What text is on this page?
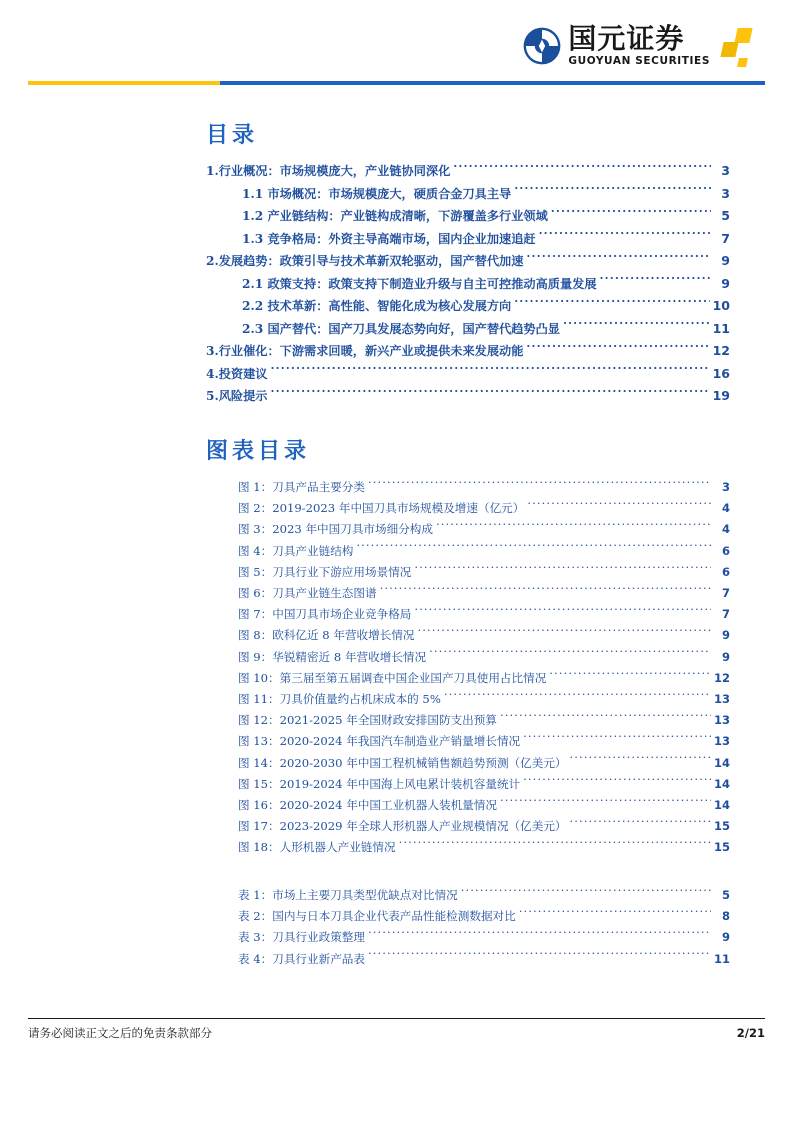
国元证券
GUOYUAN SECURITIES
目录
1.行业概况：市场规模庞大，产业链协同深化 .....	3
1.1 市场概况：市场规模庞大，硬质合金刀具主导 .....	3
1.2 产业链结构：产业链构成清晰，下游覆盖多行业领域 .....	5
1.3 竞争格局：外资主导高端市场，国内企业加速追赶 .....	7
2.发展趋势：政策引导与技术革新双轮驱动，国产替代加速 .....	9
2.1 政策支持：政策支持下制造业升级与自主可控推动高质量发展 .....	9
2.2 技术革新：高性能、智能化成为核心发展方向 .....	10
2.3 国产替代：国产刀具发展态势向好，国产替代趋势凸显 .....	11
3.行业催化：下游需求回暖，新兴产业或提供未来发展动能 .....	12
4.投资建议 .....	16
5.风险提示 .....	19
图表目录
图 1：刀具产品主要分类 .....	3
图 2：2019-2023 年中国刀具市场规模及增速（亿元） .....	4
图 3：2023 年中国刀具市场细分构成 .....	4
图 4：刀具产业链结构 .....	6
图 5：刀具行业下游应用场景情况 .....	6
图 6：刀具产业链生态图谱 .....	7
图 7：中国刀具市场企业竞争格局 .....	7
图 8：欧科亿近 8 年营收增长情况 .....	9
图 9：华锐精密近 8 年营收增长情况 .....	9
图 10：第三届至第五届调查中国企业国产刀具使用占比情况 .....	12
图 11：刀具价值量约占机床成本的 5% .....	13
图 12：2021-2025 年全国财政安排国防支出预算 .....	13
图 13：2020-2024 年我国汽车制造业产销量增长情况 .....	13
图 14：2020-2030 年中国工程机械销售额趋势预测（亿美元） .....	14
图 15：2019-2024 年中国海上风电累计装机容量统计 .....	14
图 16：2020-2024 年中国工业机器人装机量情况 .....	14
图 17：2023-2029 年全球人形机器人产业规模情况（亿美元） .....	15
图 18：人形机器人产业链情况 .....	15
表 1：市场上主要刀具类型优缺点对比情况 .....	5
表 2：国内与日本刀具企业代表产品性能检测数据对比 .....	8
表 3：刀具行业政策整理 .....	9
表 4：刀具行业新产品表 .....	11
请务必阅读正文之后的免责条款部分	2/21
